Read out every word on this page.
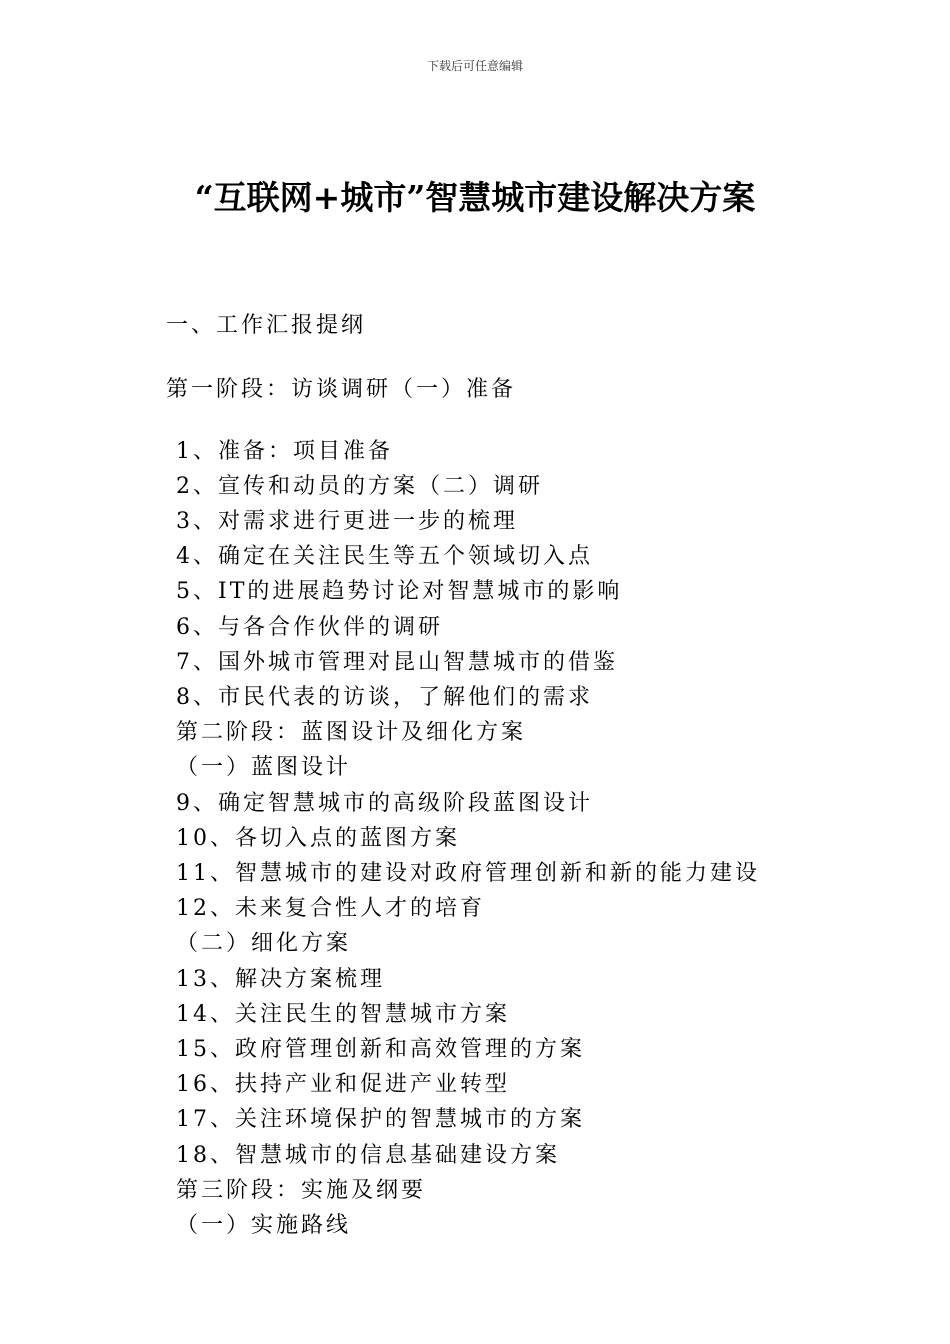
下载后可任意编辑
“互联网+城市”智慧城市建设解决方案
一、工作汇报提纲
第一阶段：访谈调研（一）准备
1、准备：项目准备
2、宣传和动员的方案（二）调研
3、对需求进行更进一步的梳理
4、确定在关注民生等五个领域切入点
5、IT的进展趋势讨论对智慧城市的影响
6、与各合作伙伴的调研
7、国外城市管理对昆山智慧城市的借鉴
8、市民代表的访谈，了解他们的需求
第二阶段：蓝图设计及细化方案
（一）蓝图设计
9、确定智慧城市的高级阶段蓝图设计
10、各切入点的蓝图方案
11、智慧城市的建设对政府管理创新和新的能力建设
12、未来复合性人才的培育
（二）细化方案
13、解决方案梳理
14、关注民生的智慧城市方案
15、政府管理创新和高效管理的方案
16、扶持产业和促进产业转型
17、关注环境保护的智慧城市的方案
18、智慧城市的信息基础建设方案
第三阶段：实施及纲要
（一）实施路线
